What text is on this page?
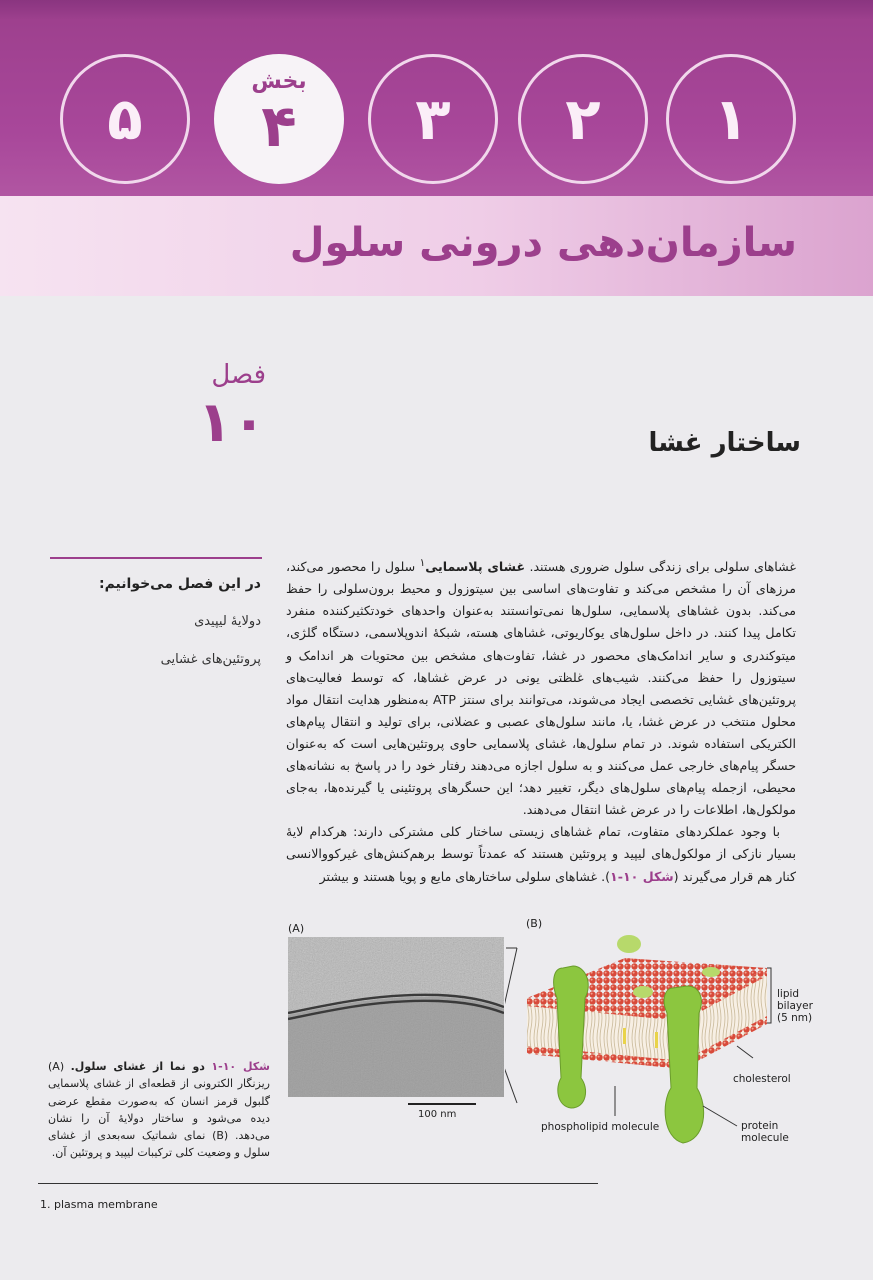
۵
بخش
۴ ۳ ۲ ۱
سازمان‌دهی درونی سلول
فصل
۱۰	ساختار غشا
در این فصل می‌خوانیم:
دولایهٔ لیپیدی
پروتئین‌های غشایی

غشاهای سلولی برای زندگی سلول ضروری هستند. غشای پلاسمایی$^۱$ سلول را محصور می‌کند، مرزهای آن را مشخص می‌کند و تفاوت‌های اساسی بین سیتوزول و محیط برون‌سلولی را حفظ می‌کند. بدون غشاهای پلاسمایی، سلول‌ها نمی‌توانستند به‌عنوان واحدهای خودتکثیرکننده منفرد تکامل پیدا کنند. در داخل سلول‌های یوکاریوتی، غشاهای هسته، شبکهٔ اندوپلاسمی، دستگاه گلژی، میتوکندری و سایر اندامک‌های محصور در غشا، تفاوت‌های مشخص بین محتویات هر اندامک و سیتوزول را حفظ می‌کنند. شیب‌های غلظتی یونی در عرض غشاها، که توسط فعالیت‌های پروتئین‌های غشایی تخصصی ایجاد می‌شوند، می‌توانند برای سنتز ATP به‌منظور هدایت انتقال مواد محلول منتخب در عرض غشا، یا، مانند سلول‌های عصبی و عضلانی، برای تولید و انتقال پیام‌های الکتریکی استفاده شوند. در تمام سلول‌ها، غشای پلاسمایی حاوی پروتئین‌هایی است که به‌عنوان حسگر پیام‌های خارجی عمل می‌کنند و به سلول اجازه می‌دهند رفتار خود را در پاسخ به نشانه‌های محیطی، ازجمله پیام‌های سلول‌های دیگر، تغییر دهد؛ این حسگرهای پروتئینی یا گیرنده‌ها، به‌جای مولکول‌ها، اطلاعات را در عرض غشا انتقال می‌دهند.

با وجود عملکردهای متفاوت، تمام غشاهای زیستی ساختار کلی مشترکی دارند: هرکدام لایهٔ بسیار نازکی از مولکول‌های لیپید و پروتئین هستند که عمدتاً توسط برهم‌کنش‌های غیرکووالانسی کنار هم قرار می‌گیرند (شکل ۱۰-۱). غشاهای سلولی ساختارهای مایع و پویا هستند و بیشتر

(A)
100 nm
(B)
lipid
bilayer
(5 nm)
cholesterol
phospholipid molecule	protein
molecule
شکل ۱۰-۱ دو نما از غشای سلول. (A) ریزنگار الکترونی از قطعه‌ای از غشای پلاسمایی گلبول قرمز انسان که به‌صورت مقطع عرضی دیده می‌شود و ساختار دولایهٔ آن را نشان می‌دهد. (B) نمای شماتیک سه‌بعدی از غشای سلول و وضعیت کلی ترکیبات لیپید و پروتئین آن.
1. plasma membrane
